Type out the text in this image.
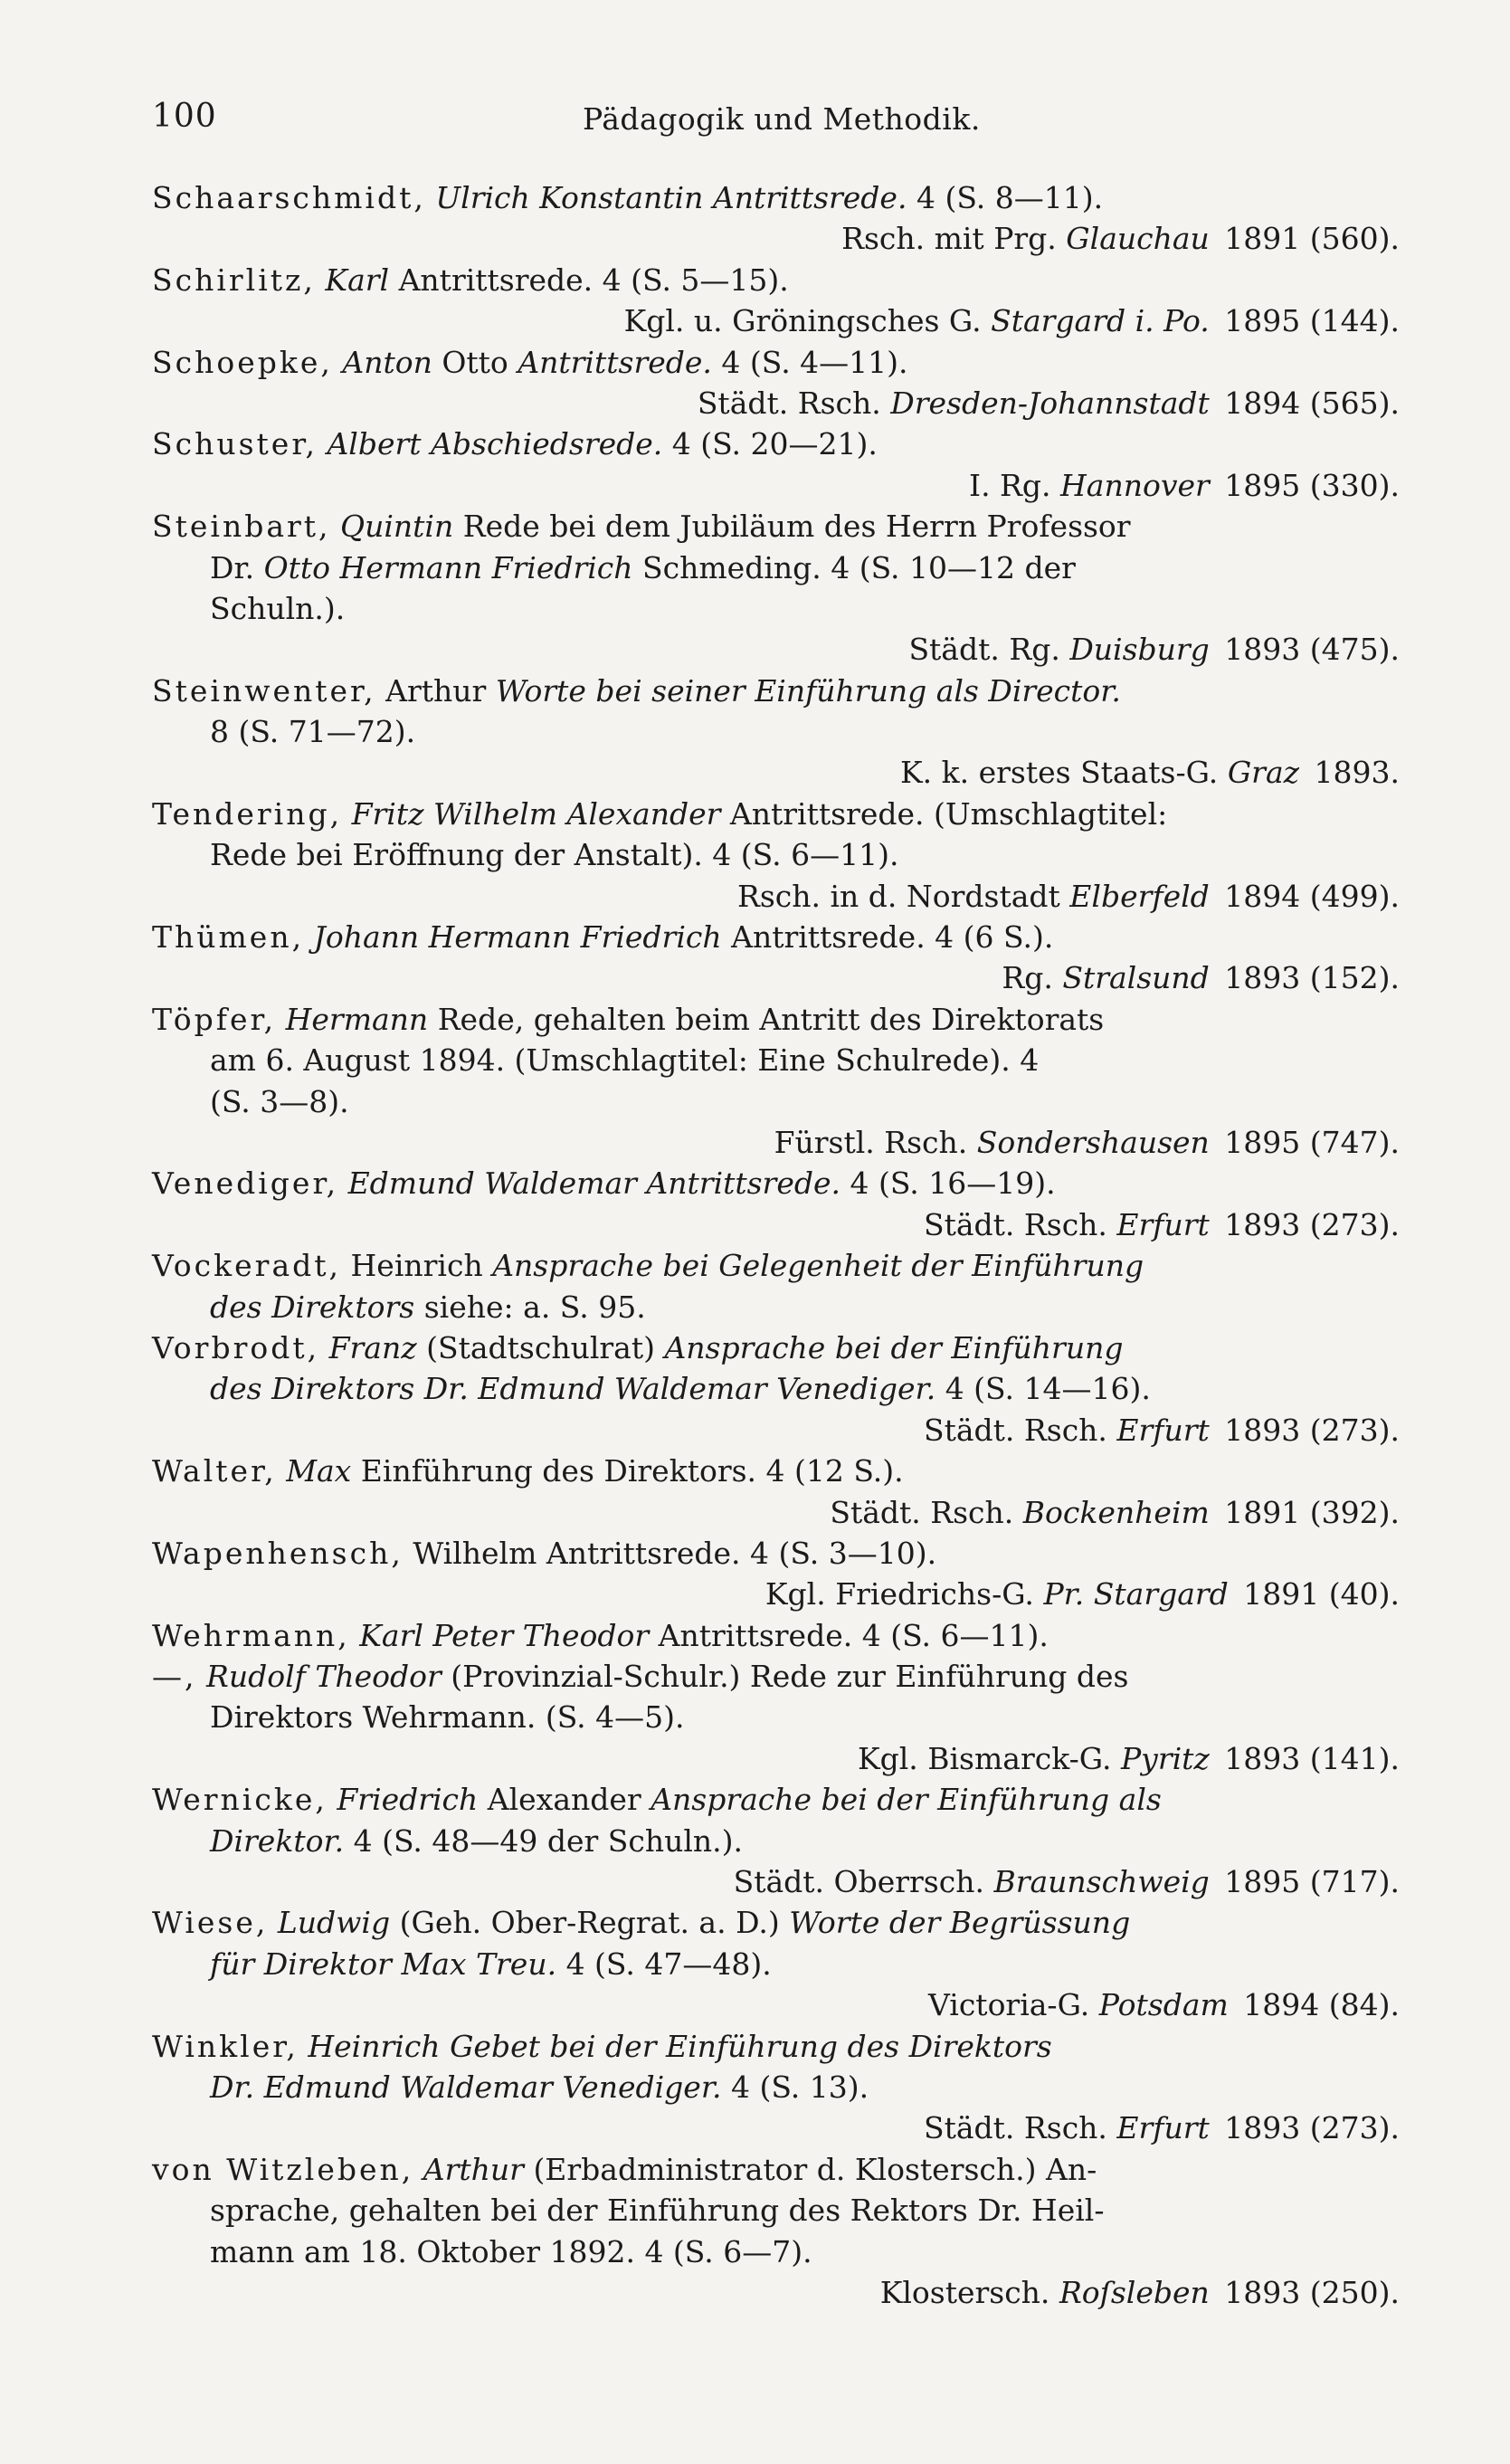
100	Pädagogik und Methodik.
Schaarschmidt, Ulrich Konstantin Antrittsrede. 4 (S. 8—11).
Rsch. mit Prg. Glauchau 1891 (560).
Schirlitz, Karl Antrittsrede. 4 (S. 5—15).
Kgl. u. Gröningsches G. Stargard i. Po. 1895 (144).
Schoepke, Anton Otto Antrittsrede. 4 (S. 4—11).
Städt. Rsch. Dresden-Johannstadt 1894 (565).
Schuster, Albert Abschiedsrede. 4 (S. 20—21).
I. Rg. Hannover 1895 (330).
Steinbart, Quintin Rede bei dem Jubiläum des Herrn Professor
Dr. Otto Hermann Friedrich Schmeding. 4 (S. 10—12 der
Schuln.).
Städt. Rg. Duisburg 1893 (475).
Steinwenter, Arthur Worte bei seiner Einführung als Director.
8 (S. 71—72).
K. k. erstes Staats-G. Graz 1893.
Tendering, Fritz Wilhelm Alexander Antrittsrede. (Umschlagtitel:
Rede bei Eröffnung der Anstalt). 4 (S. 6—11).
Rsch. in d. Nordstadt Elberfeld 1894 (499).
Thümen, Johann Hermann Friedrich Antrittsrede. 4 (6 S.).
Rg. Stralsund 1893 (152).
Töpfer, Hermann Rede, gehalten beim Antritt des Direktorats
am 6. August 1894. (Umschlagtitel: Eine Schulrede). 4
(S. 3—8).
Fürstl. Rsch. Sondershausen 1895 (747).
Venediger, Edmund Waldemar Antrittsrede. 4 (S. 16—19).
Städt. Rsch. Erfurt 1893 (273).
Vockeradt, Heinrich Ansprache bei Gelegenheit der Einführung
des Direktors siehe: a. S. 95.
Vorbrodt, Franz (Stadtschulrat) Ansprache bei der Einführung
des Direktors Dr. Edmund Waldemar Venediger. 4 (S. 14—16).
Städt. Rsch. Erfurt 1893 (273).
Walter, Max Einführung des Direktors. 4 (12 S.).
Städt. Rsch. Bockenheim 1891 (392).
Wapenhensch, Wilhelm Antrittsrede. 4 (S. 3—10).
Kgl. Friedrichs-G. Pr. Stargard 1891 (40).
Wehrmann, Karl Peter Theodor Antrittsrede. 4 (S. 6—11).
—, Rudolf Theodor (Provinzial-Schulr.) Rede zur Einführung des
Direktors Wehrmann. (S. 4—5).
Kgl. Bismarck-G. Pyritz 1893 (141).
Wernicke, Friedrich Alexander Ansprache bei der Einführung als
Direktor. 4 (S. 48—49 der Schuln.).
Städt. Oberrsch. Braunschweig 1895 (717).
Wiese, Ludwig (Geh. Ober-Regrat. a. D.) Worte der Begrüssung
für Direktor Max Treu. 4 (S. 47—48).
Victoria-G. Potsdam 1894 (84).
Winkler, Heinrich Gebet bei der Einführung des Direktors
Dr. Edmund Waldemar Venediger. 4 (S. 13).
Städt. Rsch. Erfurt 1893 (273).
von Witzleben, Arthur (Erbadministrator d. Klostersch.) An-
sprache, gehalten bei der Einführung des Rektors Dr. Heil-
mann am 18. Oktober 1892. 4 (S. 6—7).
Klostersch. Roſsleben 1893 (250).
